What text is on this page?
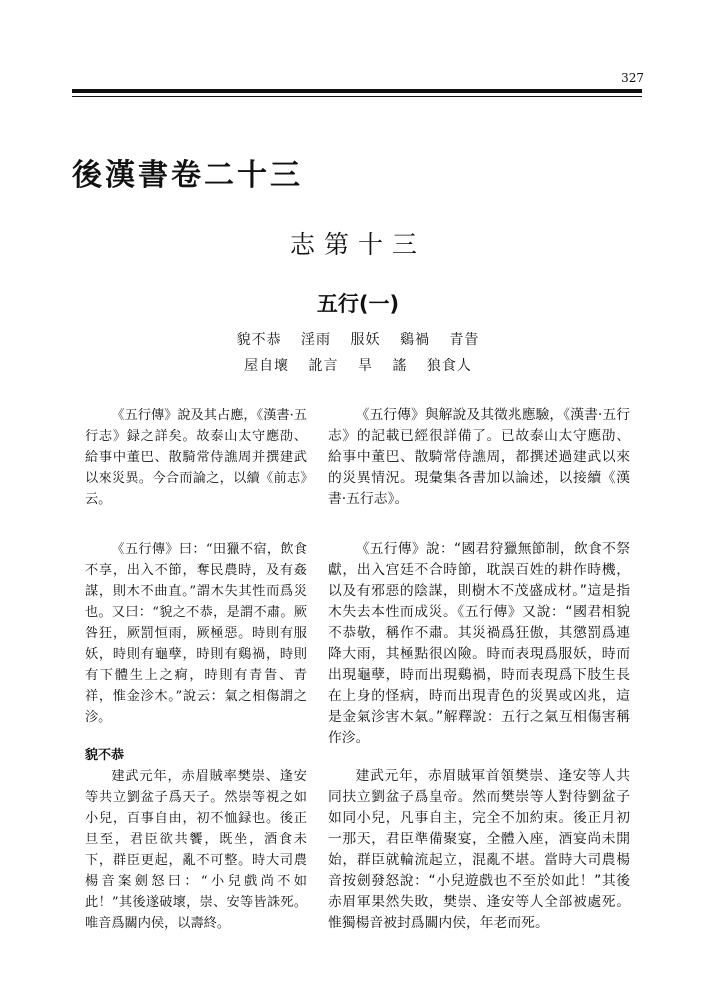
327
後漢書卷二十三
志第十三
五行(一)
貌不恭 淫雨 服妖 鷄禍 青眚
屋自壞 訛言 旱 謠 狼食人

《五行傳》說及其占應，《漢書·五行志》録之詳矣。故泰山太守應劭、給事中董巴、散騎常侍譙周并撰建武以來災異。今合而論之，以續《前志》云。

《五行傳》與解說及其徵兆應驗，《漢書·五行志》的記載已經很詳備了。已故泰山太守應劭、給事中董巴、散騎常侍譙周，都撰述過建武以來的災異情況。現彙集各書加以論述，以接續《漢書·五行志》。

《五行傳》曰：“田獵不宿，飲食不享，出入不節，奪民農時，及有姦謀，則木不曲直。”謂木失其性而爲災也。又曰：“貌之不恭，是謂不肅。厥咎狂，厥罰恒雨，厥極惡。時則有服妖，時則有龜孽，時則有鷄禍，時則有下體生上之痾，時則有青眚、青祥，惟金沴木。”說云：氣之相傷謂之沴。

《五行傳》說：“國君狩獵無節制，飲食不祭獻，出入宫廷不合時節，耽誤百姓的耕作時機，以及有邪惡的陰謀，則樹木不茂盛成材。”這是指木失去本性而成災。《五行傳》又說：“國君相貌不恭敬，稱作不肅。其災禍爲狂傲，其懲罰爲連降大雨，其極點很凶險。時而表現爲服妖，時而出現龜孽，時而出現鷄禍，時而表現爲下肢生長在上身的怪病，時而出現青色的災異或凶兆，這是金氣沴害木氣。”解釋說：五行之氣互相傷害稱作沴。

貌不恭

建武元年，赤眉賊率樊崇、逢安等共立劉盆子爲天子。然崇等視之如小兒，百事自由，初不恤録也。後正旦至，君臣欲共饗，既坐，酒食未下，群臣更起，亂不可整。時大司農楊音案劍怒曰：“小兒戲尚不如此！”其後遂破壞，崇、安等皆誅死。唯音爲關内侯，以壽終。

建武元年，赤眉賊軍首領樊崇、逢安等人共同扶立劉盆子爲皇帝。然而樊崇等人對待劉盆子如同小兒，凡事自主，完全不加約束。後正月初一那天，君臣準備聚宴，全體入座，酒宴尚未開始，群臣就輪流起立，混亂不堪。當時大司農楊音按劍發怒說：“小兒遊戲也不至於如此！”其後赤眉軍果然失敗，樊崇、逢安等人全部被處死。惟獨楊音被封爲關内侯，年老而死。
